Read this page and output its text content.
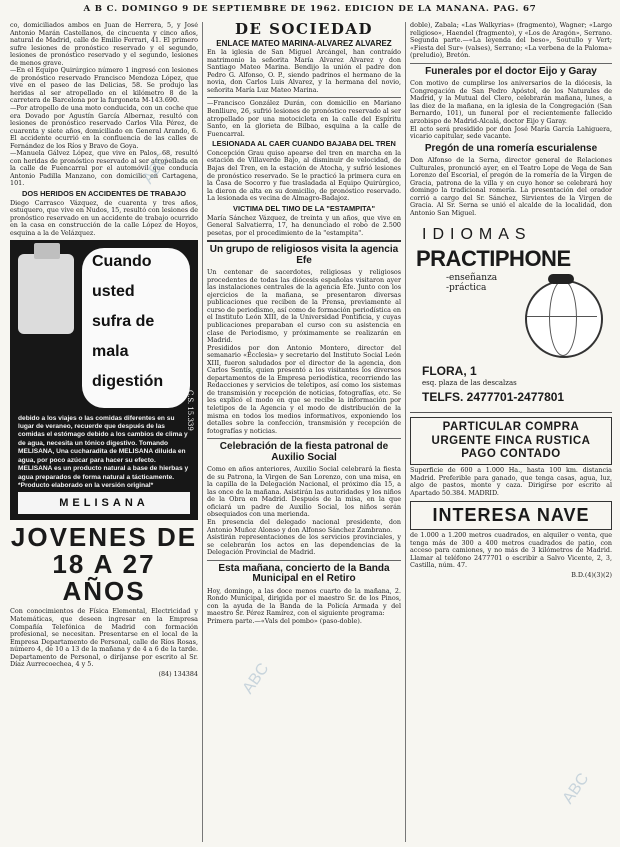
A B C. DOMINGO 9 DE SEPTIEMBRE DE 1962. EDICION DE LA MAÑANA. PAG. 67

co, domiciliados ambos en Juan de Herrera, 5, y José Antonio Marán Castellanos, de cincuenta y cinco años, natural de Madrid, calle de Emilio Ferrari, 41. El primero sufre lesiones de pronóstico reservado y el segundo, lesiones de pronóstico reservado y el segundo, lesiones de menos grave.

—En el Equipo Quirúrgico número 1 ingresó con lesiones de pronóstico reservado Francisco Mendoza López, que vive en el paseo de las Delicias, 58. Se produjo las heridas al ser atropellado en el kilómetro 8 de la carretera de Barcelona por la furgoneta M-143.690.

—Por atropello de una moto conducida, con un coche que era Dovado por Agustín García Albernaz, resultó con lesiones de pronóstico reservado Carlos Vila Pérez, de cuarenta y siete años, domiciliado en General Arando, 6. El accidente ocurrió en la confluencia de las calles de Fernández de los Ríos y Bravo de Goya.

—Manuela Gálvez López, que vive en Palos, 68, resultó con heridas de pronóstico reservado al ser atropellada en la calle de Fuencarral por el automóvil que conducía Antonio Padilla Manzano, con domicilio en Cartagena, 101.

DOS HERIDOS EN ACCIDENTES DE TRABAJO

Diego Carrasco Vázquez, de cuarenta y tres años, estuquero, que vive en Nudos, 15, resultó con lesiones de pronóstico reservado en un accidente de trabajo ocurrido en la casa en construcción de la calle López de Hoyos, esquina a la de Velázquez.

Cuando
usted
sufra de
mala
digestión
debido a los viajes o las comidas diferentes en su lugar de veraneo, recuerde que después de las comidas el estómago debido a los cambios de clima y de agua, necesita un tónico digestivo. Tomando MELISANA, Una cucharadita de MELISANA diluida en agua, por poco azúcar para hacer su efecto. MELISANA es un producto natural a base de hierbas y agua preparados de forma natural a tácticamente. *Producto elaborado en la versión original*
C.S. 15.339
MELISANA
JOVENES DE
18 A 27 AÑOS

Con conocimientos de Física Elemental, Electricidad y Matemáticas, que deseen ingresar en la Empresa Compañía Telefónica de Madrid con formación profesional, se necesitan. Presentarse en el local de la Empresa Departamento de Personal, calle de Ríos Rosas, número 4, de 10 a 13 de la mañana y de 4 a 6 de la tarde. Departamento de Personal, o diríjanse por escrito al Sr. Díaz Aurrecoechea, 4 y 5.

(84) 134384
DE SOCIEDAD
ENLACE MATEO MARINA-ALVAREZ ALVAREZ

En la iglesia de San Miguel Arcángel, han contraído matrimonio la señorita María Alvarez Alvarez y don Santiago Mateo Marina. Bendijo la unión el padre don Pedro G. Alfonso, O. P., siendo padrinos el hermano de la novia, don Carlos Luis Alvarez, y la hermana del novio, señorita María Luz Mateo Marina.

—Francisco González Durán, con domicilio en Mariano Benlliure, 26, sufrió lesiones de pronóstico reservado al ser atropellado por una motocicleta en la calle del Espíritu Santo, en la glorieta de Bilbao, esquina a la calle de Fuencarral.

LESIONADA AL CAER CUANDO BAJABA DEL TREN

Concepción Grau quiso apearse del tren en marcha en la estación de Villaverde Bajo, al disminuir de velocidad, de Bajas del Tren, en la estación de Atocha, y sufrió lesiones de pronóstico reservado. Se le practicó la primera cura en la Casa de Socorro y fue trasladada al Equipo Quirúrgico, la dieron de alta en su domicilio, de pronóstico reservado. La lesionada es vecina de Almagro-Badajoz.

VICTIMA DEL TIMO DE LA "ESTAMPITA"

María Sánchez Vázquez, de treinta y un años, que vive en General Salvatierra, 17, ha denunciado el robo de 2.500 pesetas, por el procedimiento de la "estampita".

Un grupo de religiosos visita la agencia Efe

Un centenar de sacerdotes, religiosas y religiosos procedentes de todas las diócesis españolas visitaron ayer las instalaciones centrales de la agencia Efe. Junto con los ejercicios de la mañana, se presentaron diversas publicaciones que reciben de la Prensa, previamente al curso de periodismo, así como de formación periodística en el Instituto León XIII, de la Universidad Pontificia, y cuyas publicaciones preparaban el curso con su asistencia en clase de Periodismo, y próximamente se realizarán en Madrid.

Presididos por don Antonio Montero, director del semanario «Ecclesia» y secretario del Instituto Social León XIII, fueron saludados por el director de la agencia, don Carlos Sentís, quien presentó a los visitantes los diversos departamentos de la Empresa periodística, recorriendo las Redacciones y servicios de teletipos, así como los sistemas de transmisión y recepción de noticias, fotografías, etc. Se les explicó el modo en que se recibe la información por teletipos de la Agencia y el modo de distribución de la misma en todos los medios informativos, exponiendo los detalles sobre la confección, transmisión y recepción de fotografías y noticias.

Celebración de la fiesta patronal de Auxilio Social

Como en años anteriores, Auxilio Social celebrará la fiesta de su Patrona, la Virgen de San Lorenzo, con una misa, en la capilla de la Delegación Nacional, el próximo día 15, a las once de la mañana. Asistirán las autoridades y los niños de la Obra en Madrid. Después de la misa, en la que oficiará un padre de Auxilio Social, los niños serán obsequiados con una merienda.

En presencia del delegado nacional presidente, don Antonio Muñoz Alonso y don Alfonso Sánchez Zambrano.

Asistirán representaciones de los servicios provinciales, y se celebrarán los actos en las dependencias de la Delegación Provincial de Madrid.

Esta mañana, concierto de la Banda Municipal en el Retiro

Hoy, domingo, a las doce menos cuarto de la mañana, 2. Rondo Municipal, dirigida por el maestro Sr. de los Pinos, con la ayuda de la Banda de la Policía Armada y del maestro Sr. Pérez Ramírez, con el siguiente programa:

Primera parte.—«Vals del pombo» (paso-doble).

doble), Zabala; «Las Walkyrias» (fragmento), Wagner; «Largo religioso», Haendel (fragmento), y «Los de Aragón», Serrano. Segunda parte.—«La leyenda del beso», Soutullo y Vert; «Fiesta del Sur» (valses), Serrano; «La verbena de la Paloma» (preludio), Bretón.

Funerales por el doctor Eijo y Garay

Con motivo de cumplirse los aniversarios de la diócesis, la Congregación de San Pedro Apóstol, de los Naturales de Madrid, y la Mutual del Clero, celebrarán mañana, lunes, a las diez de la mañana, en la iglesia de la Congregación (San Bernardo, 101), un funeral por el recientemente fallecido arzobispo de Madrid-Alcalá, doctor Eijo y Garay.

El acto será presidido por don José María García Lahiguera, vicario capitular, sede vacante.

Pregón de una romería escurialense

Don Alfonso de la Serna, director general de Relaciones Culturales, pronunció ayer, en el Teatro Lope de Vega de San Lorenzo del Escorial, el pregón de la romería de la Virgen de Gracia, patrona de la villa y en cuyo honor se celebrará hoy domingo la tradicional romería. La presentación del orador corrió a cargo del Sr. Sánchez, Sirvientes de la Virgen de Gracia. Al Sr. Serna se unió el alcalde de la localidad, don Antonio San Miguel.

IDIOMAS
PRACTIPHONE
-enseñanza
-práctica
FLORA, 1
esq. plaza de las descalzas
TELFS. 2477701-2477801
PARTICULAR COMPRA
URGENTE FINCA RUSTICA
PAGO CONTADO

Superficie de 600 a 1.000 Ha., hasta 100 km. distancia Madrid. Preferible para ganado, que tenga casas, agua, luz, algo de pastos, monte y caza. Dirigirse por escrito al Apartado 50.384. MADRID.

INTERESA NAVE

de 1.000 a 1.200 metros cuadrados, en alquiler o venta, que tenga más de 300 a 400 metros cuadrados de patio, con acceso para camiones, y no más de 3 kilómetros de Madrid. Llamar al teléfono 2477701 o escribir a Salvo Vicente, 2, 3, Castilla, núm. 47.

B.D.(4)(3)(2)
ABC
ABC
ABC
